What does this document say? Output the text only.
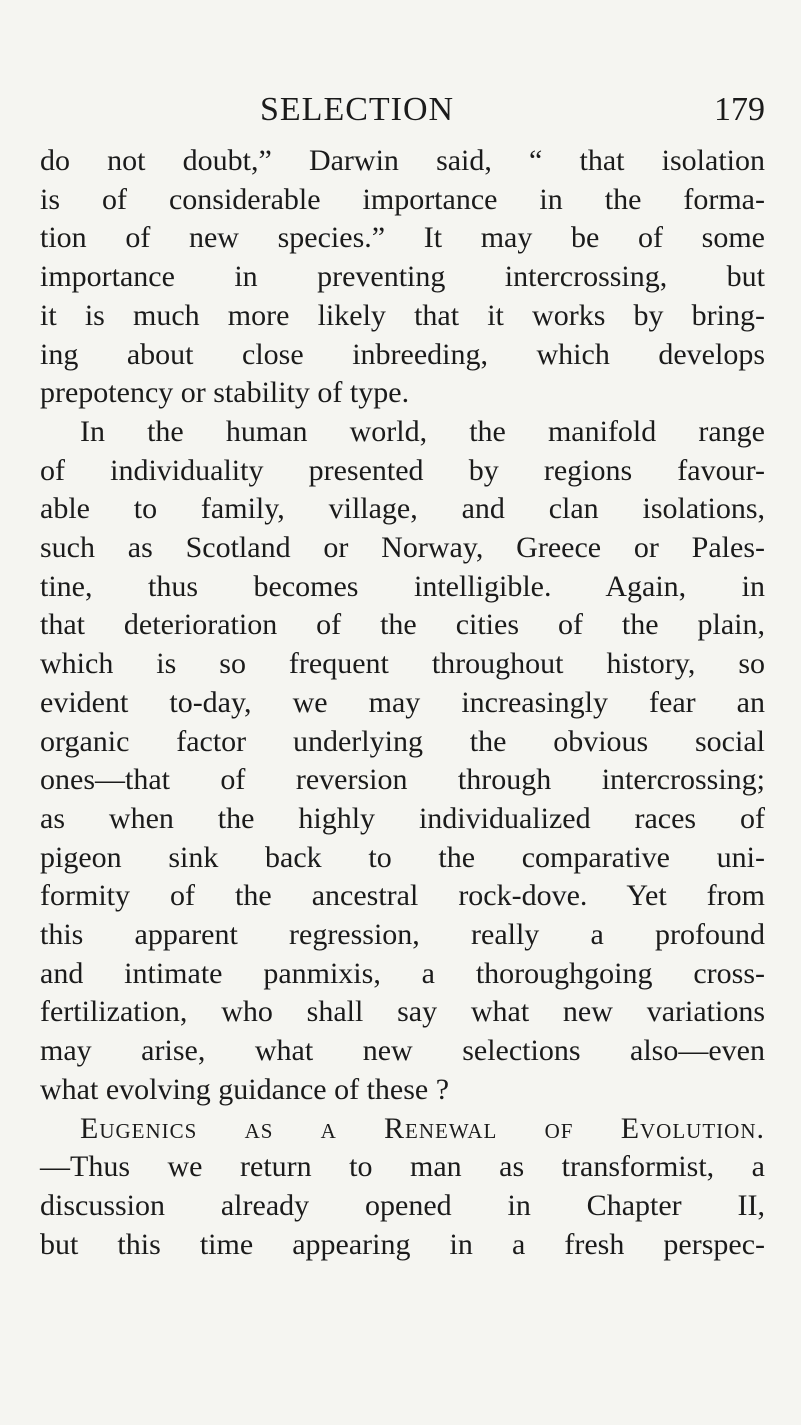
SELECTION	179
do not doubt,” Darwin said, “ that isolation
is of considerable importance in the forma-
tion of new species.” It may be of some
importance in preventing intercrossing, but
it is much more likely that it works by bring-
ing about close inbreeding, which develops
prepotency or stability of type.
In the human world, the manifold range
of individuality presented by regions favour-
able to family, village, and clan isolations,
such as Scotland or Norway, Greece or Pales-
tine, thus becomes intelligible. Again, in
that deterioration of the cities of the plain,
which is so frequent throughout history, so
evident to-day, we may increasingly fear an
organic factor underlying the obvious social
ones—that of reversion through intercrossing;
as when the highly individualized races of
pigeon sink back to the comparative uni-
formity of the ancestral rock-dove. Yet from
this apparent regression, really a profound
and intimate panmixis, a thoroughgoing cross-
fertilization, who shall say what new variations
may arise, what new selections also—even
what evolving guidance of these ?
Eugenics as a Renewal of Evolution.
—Thus we return to man as transformist, a
discussion already opened in Chapter II,
but this time appearing in a fresh perspec-
